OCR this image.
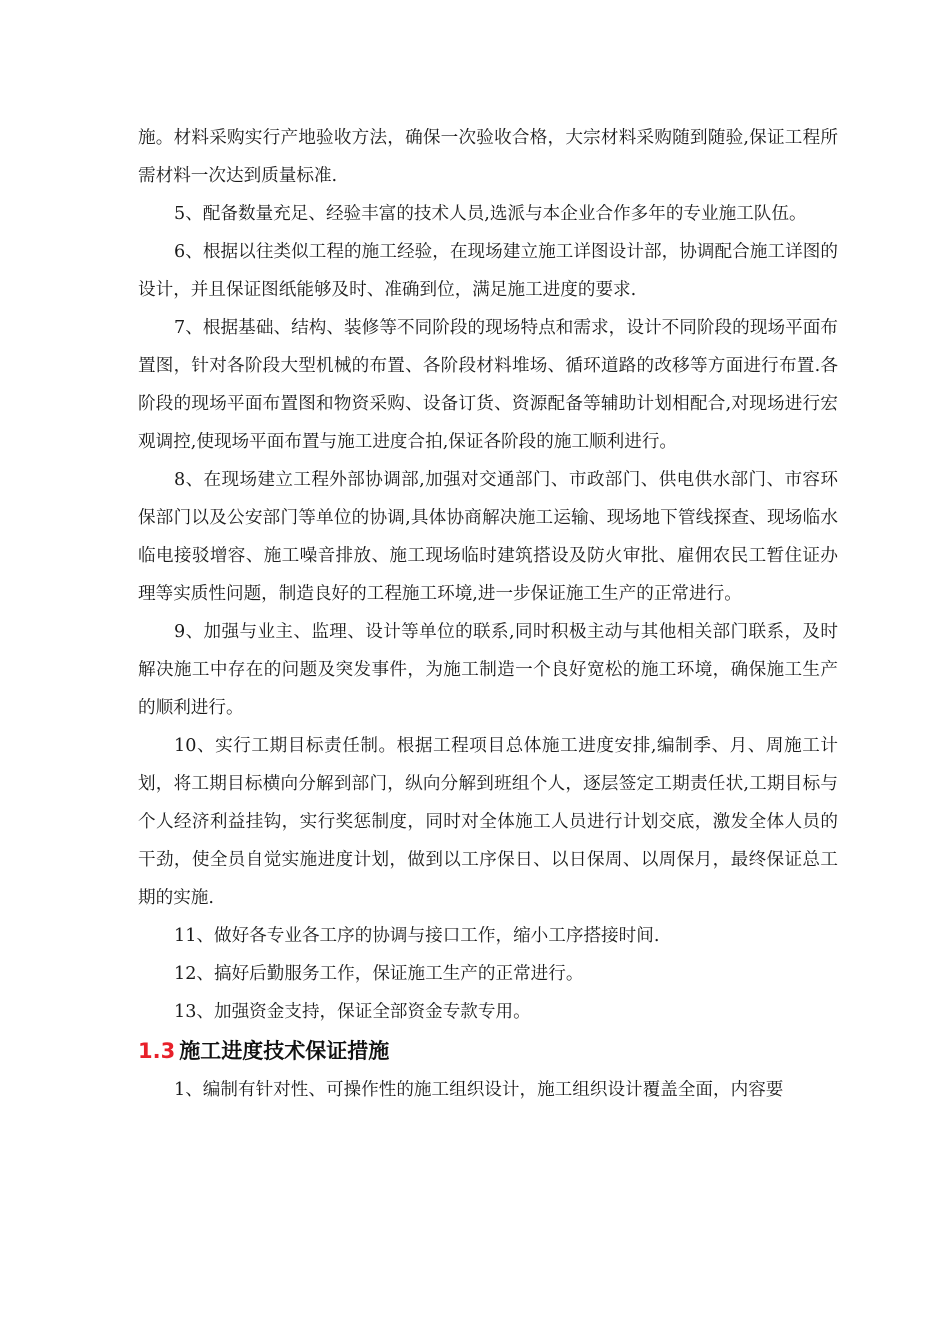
施。材料采购实行产地验收方法，确保一次验收合格，大宗材料采购随到随验,保证工程所需材料一次达到质量标准.

5、配备数量充足、经验丰富的技术人员,选派与本企业合作多年的专业施工队伍。

6、根据以往类似工程的施工经验，在现场建立施工详图设计部，协调配合施工详图的设计，并且保证图纸能够及时、准确到位，满足施工进度的要求.

7、根据基础、结构、装修等不同阶段的现场特点和需求，设计不同阶段的现场平面布置图，针对各阶段大型机械的布置、各阶段材料堆场、循环道路的改移等方面进行布置.各阶段的现场平面布置图和物资采购、设备订货、资源配备等辅助计划相配合,对现场进行宏观调控,使现场平面布置与施工进度合拍,保证各阶段的施工顺利进行。

8、在现场建立工程外部协调部,加强对交通部门、市政部门、供电供水部门、市容环保部门以及公安部门等单位的协调,具体协商解决施工运输、现场地下管线探查、现场临水临电接驳增容、施工噪音排放、施工现场临时建筑搭设及防火审批、雇佣农民工暂住证办理等实质性问题，制造良好的工程施工环境,进一步保证施工生产的正常进行。

9、加强与业主、监理、设计等单位的联系,同时积极主动与其他相关部门联系，及时解决施工中存在的问题及突发事件，为施工制造一个良好宽松的施工环境，确保施工生产的顺利进行。

10、实行工期目标责任制。根据工程项目总体施工进度安排,编制季、月、周施工计划，将工期目标横向分解到部门，纵向分解到班组个人，逐层签定工期责任状,工期目标与个人经济利益挂钩，实行奖惩制度，同时对全体施工人员进行计划交底，激发全体人员的干劲，使全员自觉实施进度计划，做到以工序保日、以日保周、以周保月，最终保证总工期的实施.

11、做好各专业各工序的协调与接口工作，缩小工序搭接时间.

12、搞好后勤服务工作，保证施工生产的正常进行。

13、加强资金支持，保证全部资金专款专用。

1.3 施工进度技术保证措施

1、编制有针对性、可操作性的施工组织设计，施工组织设计覆盖全面，内容要
